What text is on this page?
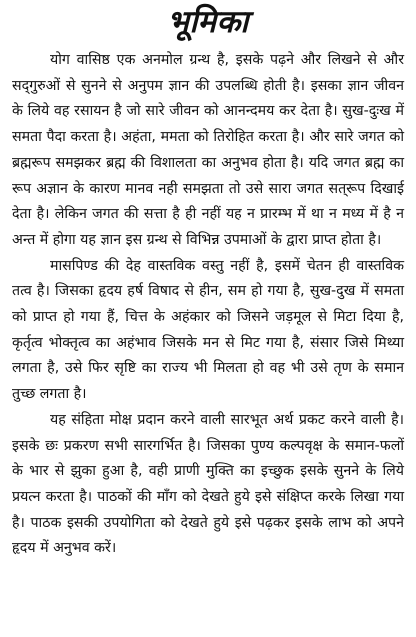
भूमिका

योग वासिष्ठ एक अनमोल ग्रन्थ है, इसके पढ़ने और लिखने से और सद्‌गुरुओं से सुनने से अनुपम ज्ञान की उपलब्धि होती है। इसका ज्ञान जीवन के लिये वह रसायन है जो सारे जीवन को आनन्दमय कर देता है। सुख-दुःख में समता पैदा करता है। अहंता, ममता को तिरोहित करता है। और सारे जगत को ब्रह्मरूप समझकर ब्रह्म की विशालता का अनुभव होता है। यदि जगत ब्रह्म का रूप अज्ञान के कारण मानव नही समझता तो उसे सारा जगत सत्‌रूप दिखाई देता है। लेकिन जगत की सत्ता है ही नहीं यह न प्रारम्भ में था न मध्य में है न अन्त में होगा यह ज्ञान इस ग्रन्थ से विभिन्न उपमाओं के द्वारा प्राप्त होता है।

मासपिण्ड की देह वास्तविक वस्तु नहीं है, इसमें चेतन ही वास्तविक तत्व है। जिसका हृदय हर्ष विषाद से हीन, सम हो गया है, सुख-दुख में समता को प्राप्त हो गया हैं, चित्त के अहंकार को जिसने जड़मूल से मिटा दिया है, कृर्तृत्व भोक्तृत्व का अहंभाव जिसके मन से मिट गया है, संसार जिसे मिथ्या लगता है, उसे फिर सृष्टि का राज्य भी मिलता हो वह भी उसे तृण के समान तुच्छ लगता है।

यह संहिता मोक्ष प्रदान करने वाली सारभूत अर्थ प्रकट करने वाली है। इसके छः प्रकरण सभी सारगर्भित है। जिसका पुण्य कल्पवृक्ष के समान-फलों के भार से झुका हुआ है, वही प्राणी मुक्ति का इच्छुक इसके सुनने के लिये प्रयत्न करता है। पाठकों की माँग को देखते हुये इसे संक्षिप्त करके लिखा गया है। पाठक इसकी उपयोगिता को देखते हुये इसे पढ़कर इसके लाभ को अपने हृदय में अनुभव करें।
